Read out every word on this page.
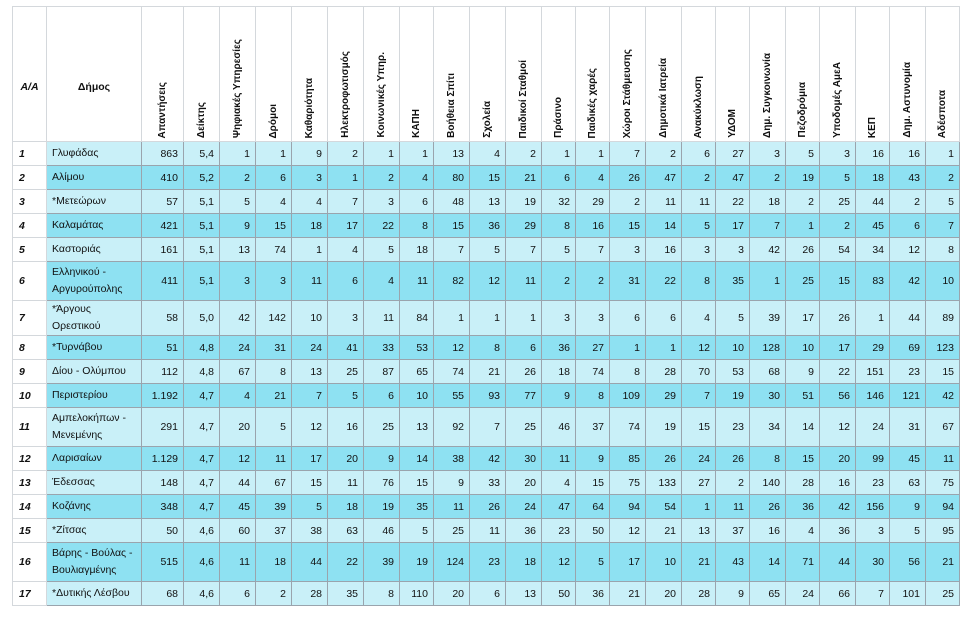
A/A	Δήμος	Απαντήσεις	Δείκτης	Ψηφιακές Υπηρεσίες	Δρόμοι	Καθαριότητα	Ηλεκτροφωτισμός	Κοινωνικές Υπηρ.	ΚΑΠΗ	Βοήθεια Σπίτι	Σχολεία	Παιδικοί Σταθμοί	Πράσινο	Παιδικές χαρές	Χώροι Στάθμευσης	Δημοτικά Ιατρεία	Ανακύκλωση	ΥΔΟΜ	Δημ. Συγκοινωνία	Πεζοδρόμια	Υποδομές ΑμεΑ	ΚΕΠ	Δημ. Αστυνομία	Αδέσποτα
1	Γλυφάδας	863	5,4	1	1	9	2	1	1	13	4	2	1	1	7	2	6	27	3	5	3	16	16	1
2	Αλίμου	410	5,2	2	6	3	1	2	4	80	15	21	6	4	26	47	2	47	2	19	5	18	43	2
3	*Μετεώρων	57	5,1	5	4	4	7	3	6	48	13	19	32	29	2	11	11	22	18	2	25	44	2	5
4	Καλαμάτας	421	5,1	9	15	18	17	22	8	15	36	29	8	16	15	14	5	17	7	1	2	45	6	7
5	Καστοριάς	161	5,1	13	74	1	4	5	18	7	5	7	5	7	3	16	3	3	42	26	54	34	12	8
6	Ελληνικού - Αργυρούπολης	411	5,1	3	3	11	6	4	11	82	12	11	2	2	31	22	8	35	1	25	15	83	42	10
7	*Άργους Ορεστικού	58	5,0	42	142	10	3	11	84	1	1	1	3	3	6	6	4	5	39	17	26	1	44	89
8	*Τυρνάβου	51	4,8	24	31	24	41	33	53	12	8	6	36	27	1	1	12	10	128	10	17	29	69	123
9	Δίου - Ολύμπου	112	4,8	67	8	13	25	87	65	74	21	26	18	74	8	28	70	53	68	9	22	151	23	15
10	Περιστερίου	1.192	4,7	4	21	7	5	6	10	55	93	77	9	8	109	29	7	19	30	51	56	146	121	42
11	Αμπελοκήπων - Μενεμένης	291	4,7	20	5	12	16	25	13	92	7	25	46	37	74	19	15	23	34	14	12	24	31	67
12	Λαρισαίων	1.129	4,7	12	11	17	20	9	14	38	42	30	11	9	85	26	24	26	8	15	20	99	45	11
13	Έδεσσας	148	4,7	44	67	15	11	76	15	9	33	20	4	15	75	133	27	2	140	28	16	23	63	75
14	Κοζάνης	348	4,7	45	39	5	18	19	35	11	26	24	47	64	94	54	1	11	26	36	42	156	9	94
15	*Ζίτσας	50	4,6	60	37	38	63	46	5	25	11	36	23	50	12	21	13	37	16	4	36	3	5	95
16	Βάρης - Βούλας - Βουλιαγμένης	515	4,6	11	18	44	22	39	19	124	23	18	12	5	17	10	21	43	14	71	44	30	56	21
17	*Δυτικής Λέσβου	68	4,6	6	2	28	35	8	110	20	6	13	50	36	21	20	28	9	65	24	66	7	101	25
